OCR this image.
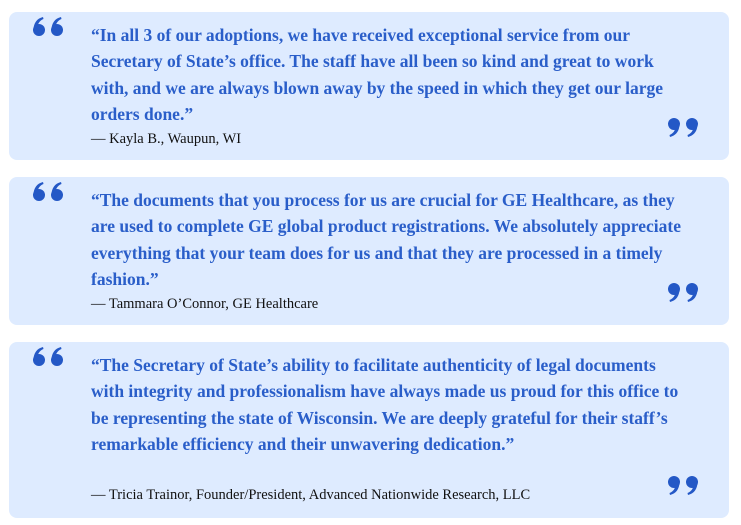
“In all 3 of our adoptions, we have received exceptional service from our Secretary of State’s office. The staff have all been so kind and great to work with, and we are always blown away by the speed in which they get our large orders done.”

— Kayla B., Waupun, WI

“The documents that you process for us are crucial for GE Healthcare, as they are used to complete GE global product registrations. We absolutely appreciate everything that your team does for us and that they are processed in a timely fashion.”

— Tammara O’Connor, GE Healthcare

“The Secretary of State’s ability to facilitate authenticity of legal documents with integrity and professionalism have always made us proud for this office to be representing the state of Wisconsin. We are deeply grateful for their staff’s remarkable efficiency and their unwavering dedication.”

— Tricia Trainor, Founder/President, Advanced Nationwide Research, LLC
